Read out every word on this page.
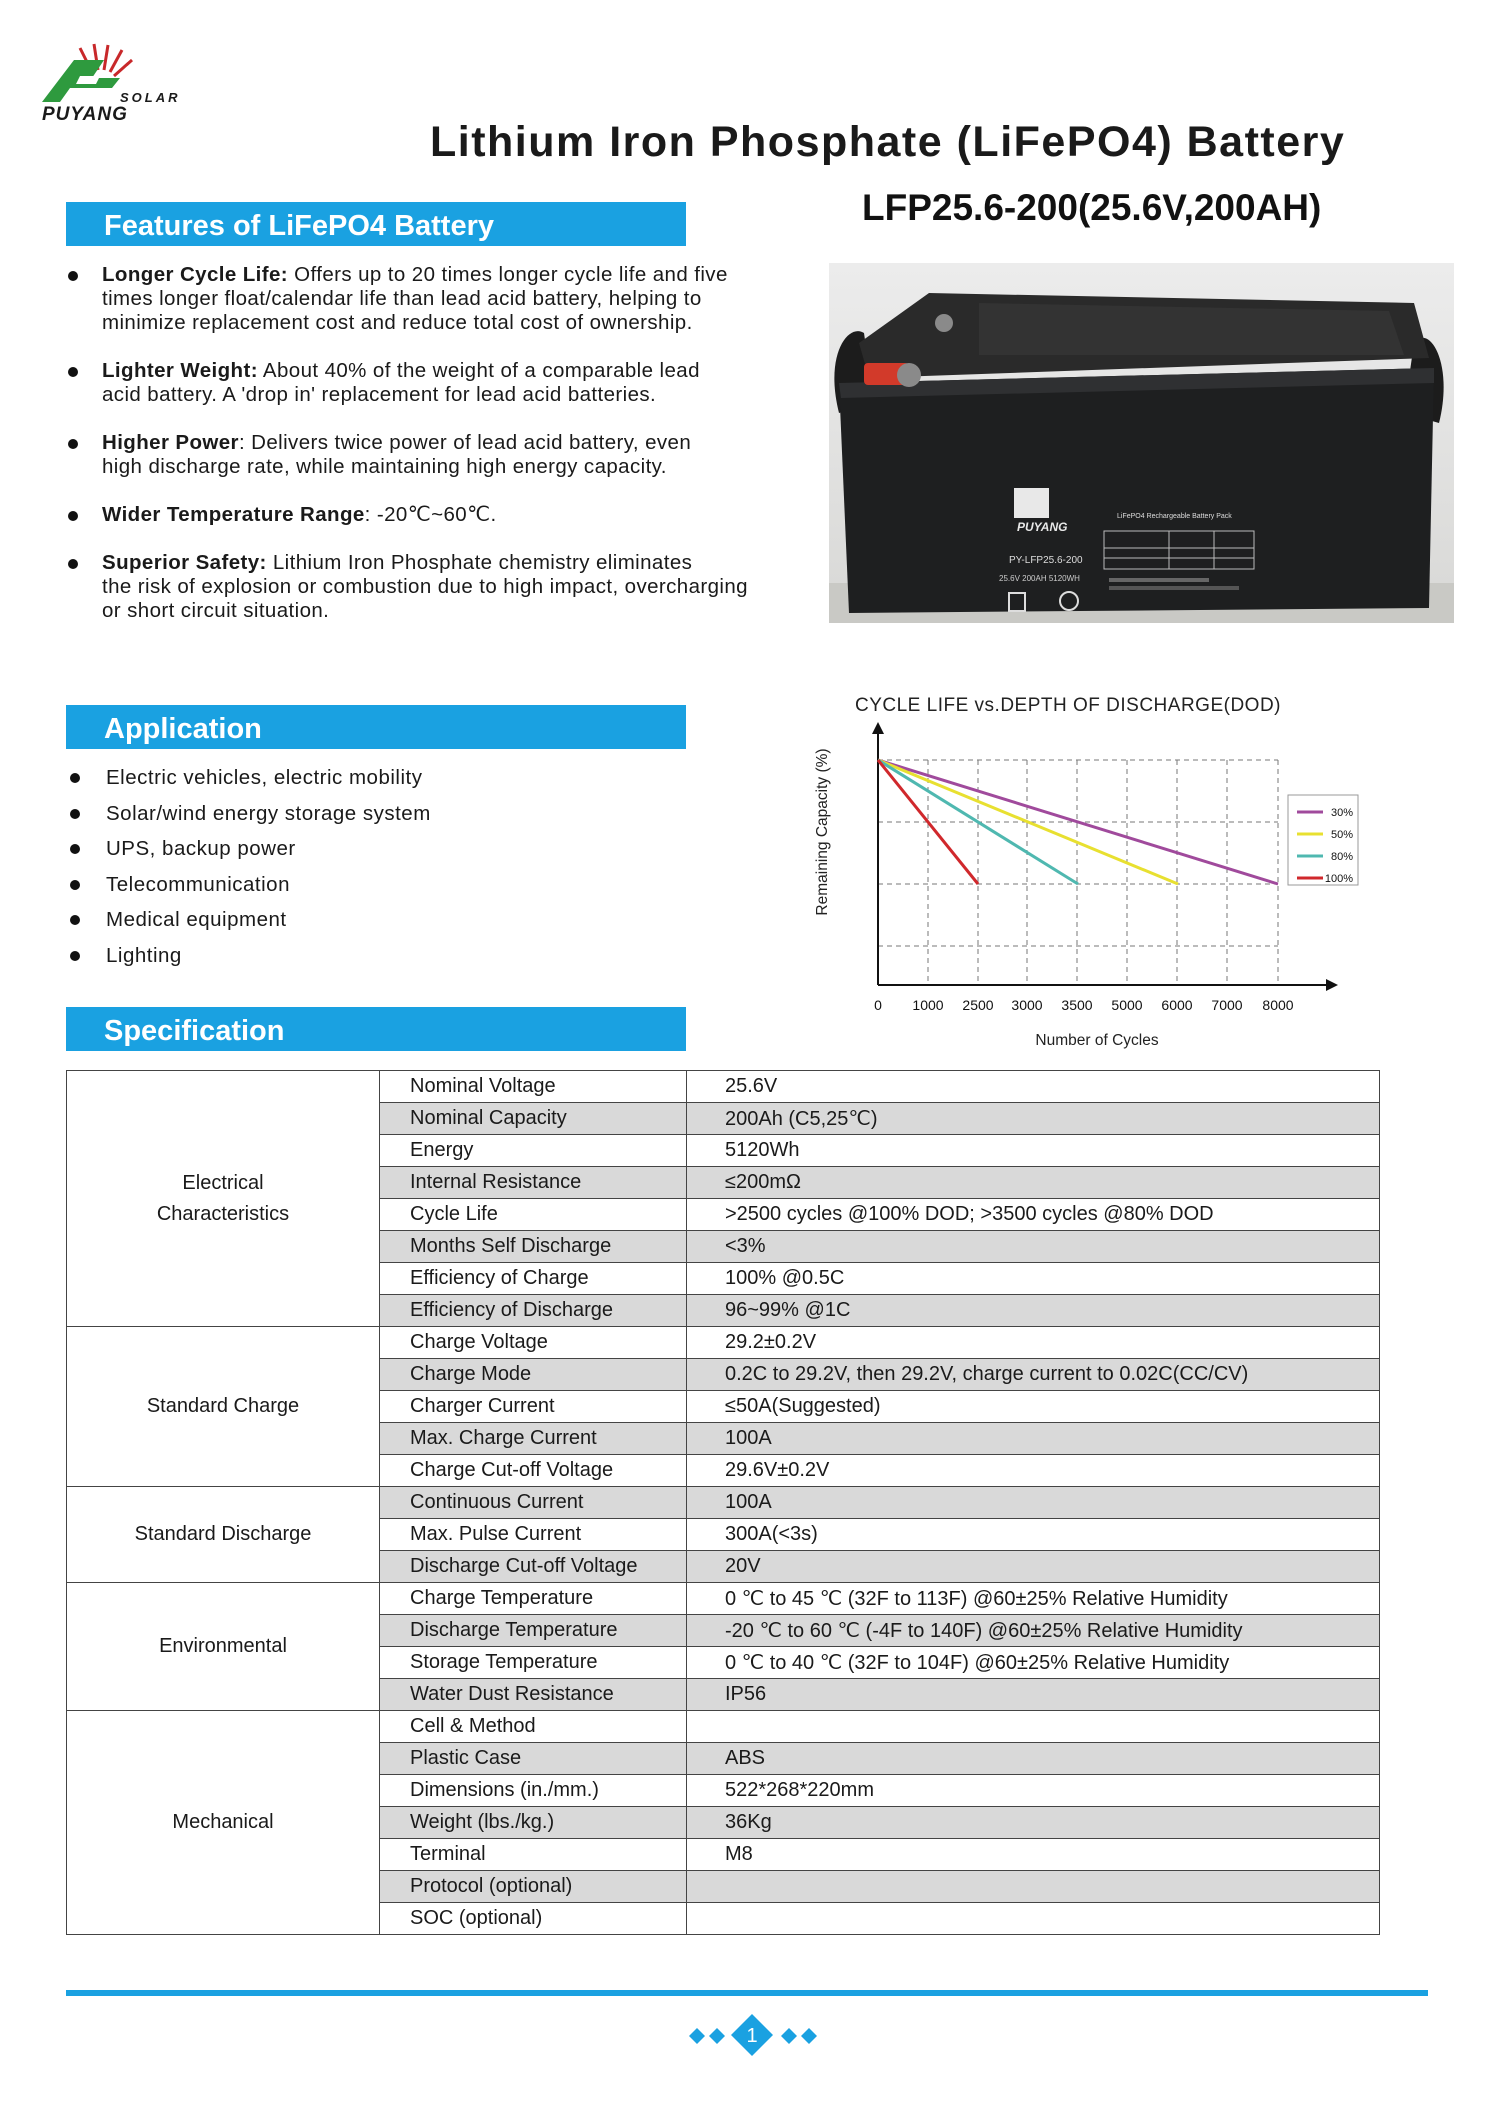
SOLAR
PUYANG
Lithium Iron Phosphate (LiFePO4) Battery
LFP25.6-200(25.6V,200AH)
Features of LiFePO4 Battery
Longer Cycle Life: Offers up to 20 times longer cycle life and five
times longer float/calendar life than lead acid battery, helping to
minimize replacement cost and reduce total cost of ownership.
Lighter Weight: About 40% of the weight of a comparable lead
acid battery. A 'drop in' replacement for lead acid batteries.
Higher Power: Delivers twice power of lead acid battery, even
high discharge rate, while maintaining high energy capacity.
Wider Temperature Range: -20℃~60℃.
Superior Safety: Lithium Iron Phosphate chemistry eliminates
the risk of explosion or combustion due to high impact, overcharging
or short circuit situation.
PUYANG
LiFePO4 Rechargeable Battery Pack
PY-LFP25.6-200
25.6V 200AH 5120WH
Application
Electric vehicles, electric mobility
Solar/wind energy storage system
UPS, backup power
Telecommunication
Medical equipment
Lighting
CYCLE LIFE vs.DEPTH OF DISCHARGE(DOD)
0 1000 2500 3000 3500 5000 6000 7000 8000
30%
50%
80%
100%
Number of Cycles
Remaining Capacity (%)
Specification
Electrical
Characteristics	Nominal Voltage	25.6V
	Nominal Capacity	200Ah (C5,25℃)
	Energy	5120Wh
	Internal Resistance	≤200mΩ
	Cycle Life	>2500 cycles @100% DOD; >3500 cycles @80% DOD
	Months Self Discharge	<3%
	Efficiency of Charge	100% @0.5C
	Efficiency of Discharge	96~99% @1C
Standard Charge	Charge Voltage	29.2±0.2V
	Charge Mode	0.2C to 29.2V, then 29.2V, charge current to 0.02C(CC/CV)
	Charger Current	≤50A(Suggested)
	Max. Charge Current	100A
	Charge Cut-off Voltage	29.6V±0.2V
Standard Discharge	Continuous Current	100A
	Max. Pulse Current	300A(<3s)
	Discharge Cut-off Voltage	20V
Environmental	Charge Temperature	0 ℃ to 45 ℃ (32F to 113F) @60±25% Relative Humidity
	Discharge Temperature	-20 ℃ to 60 ℃ (-4F to 140F) @60±25% Relative Humidity
	Storage Temperature	0 ℃ to 40 ℃ (32F to 104F) @60±25% Relative Humidity
	Water Dust Resistance	IP56
Mechanical	Cell & Method	
	Plastic Case	ABS
	Dimensions (in./mm.)	522*268*220mm
	Weight (lbs./kg.)	36Kg
	Terminal	M8
	Protocol (optional)	
	SOC (optional)	
1
